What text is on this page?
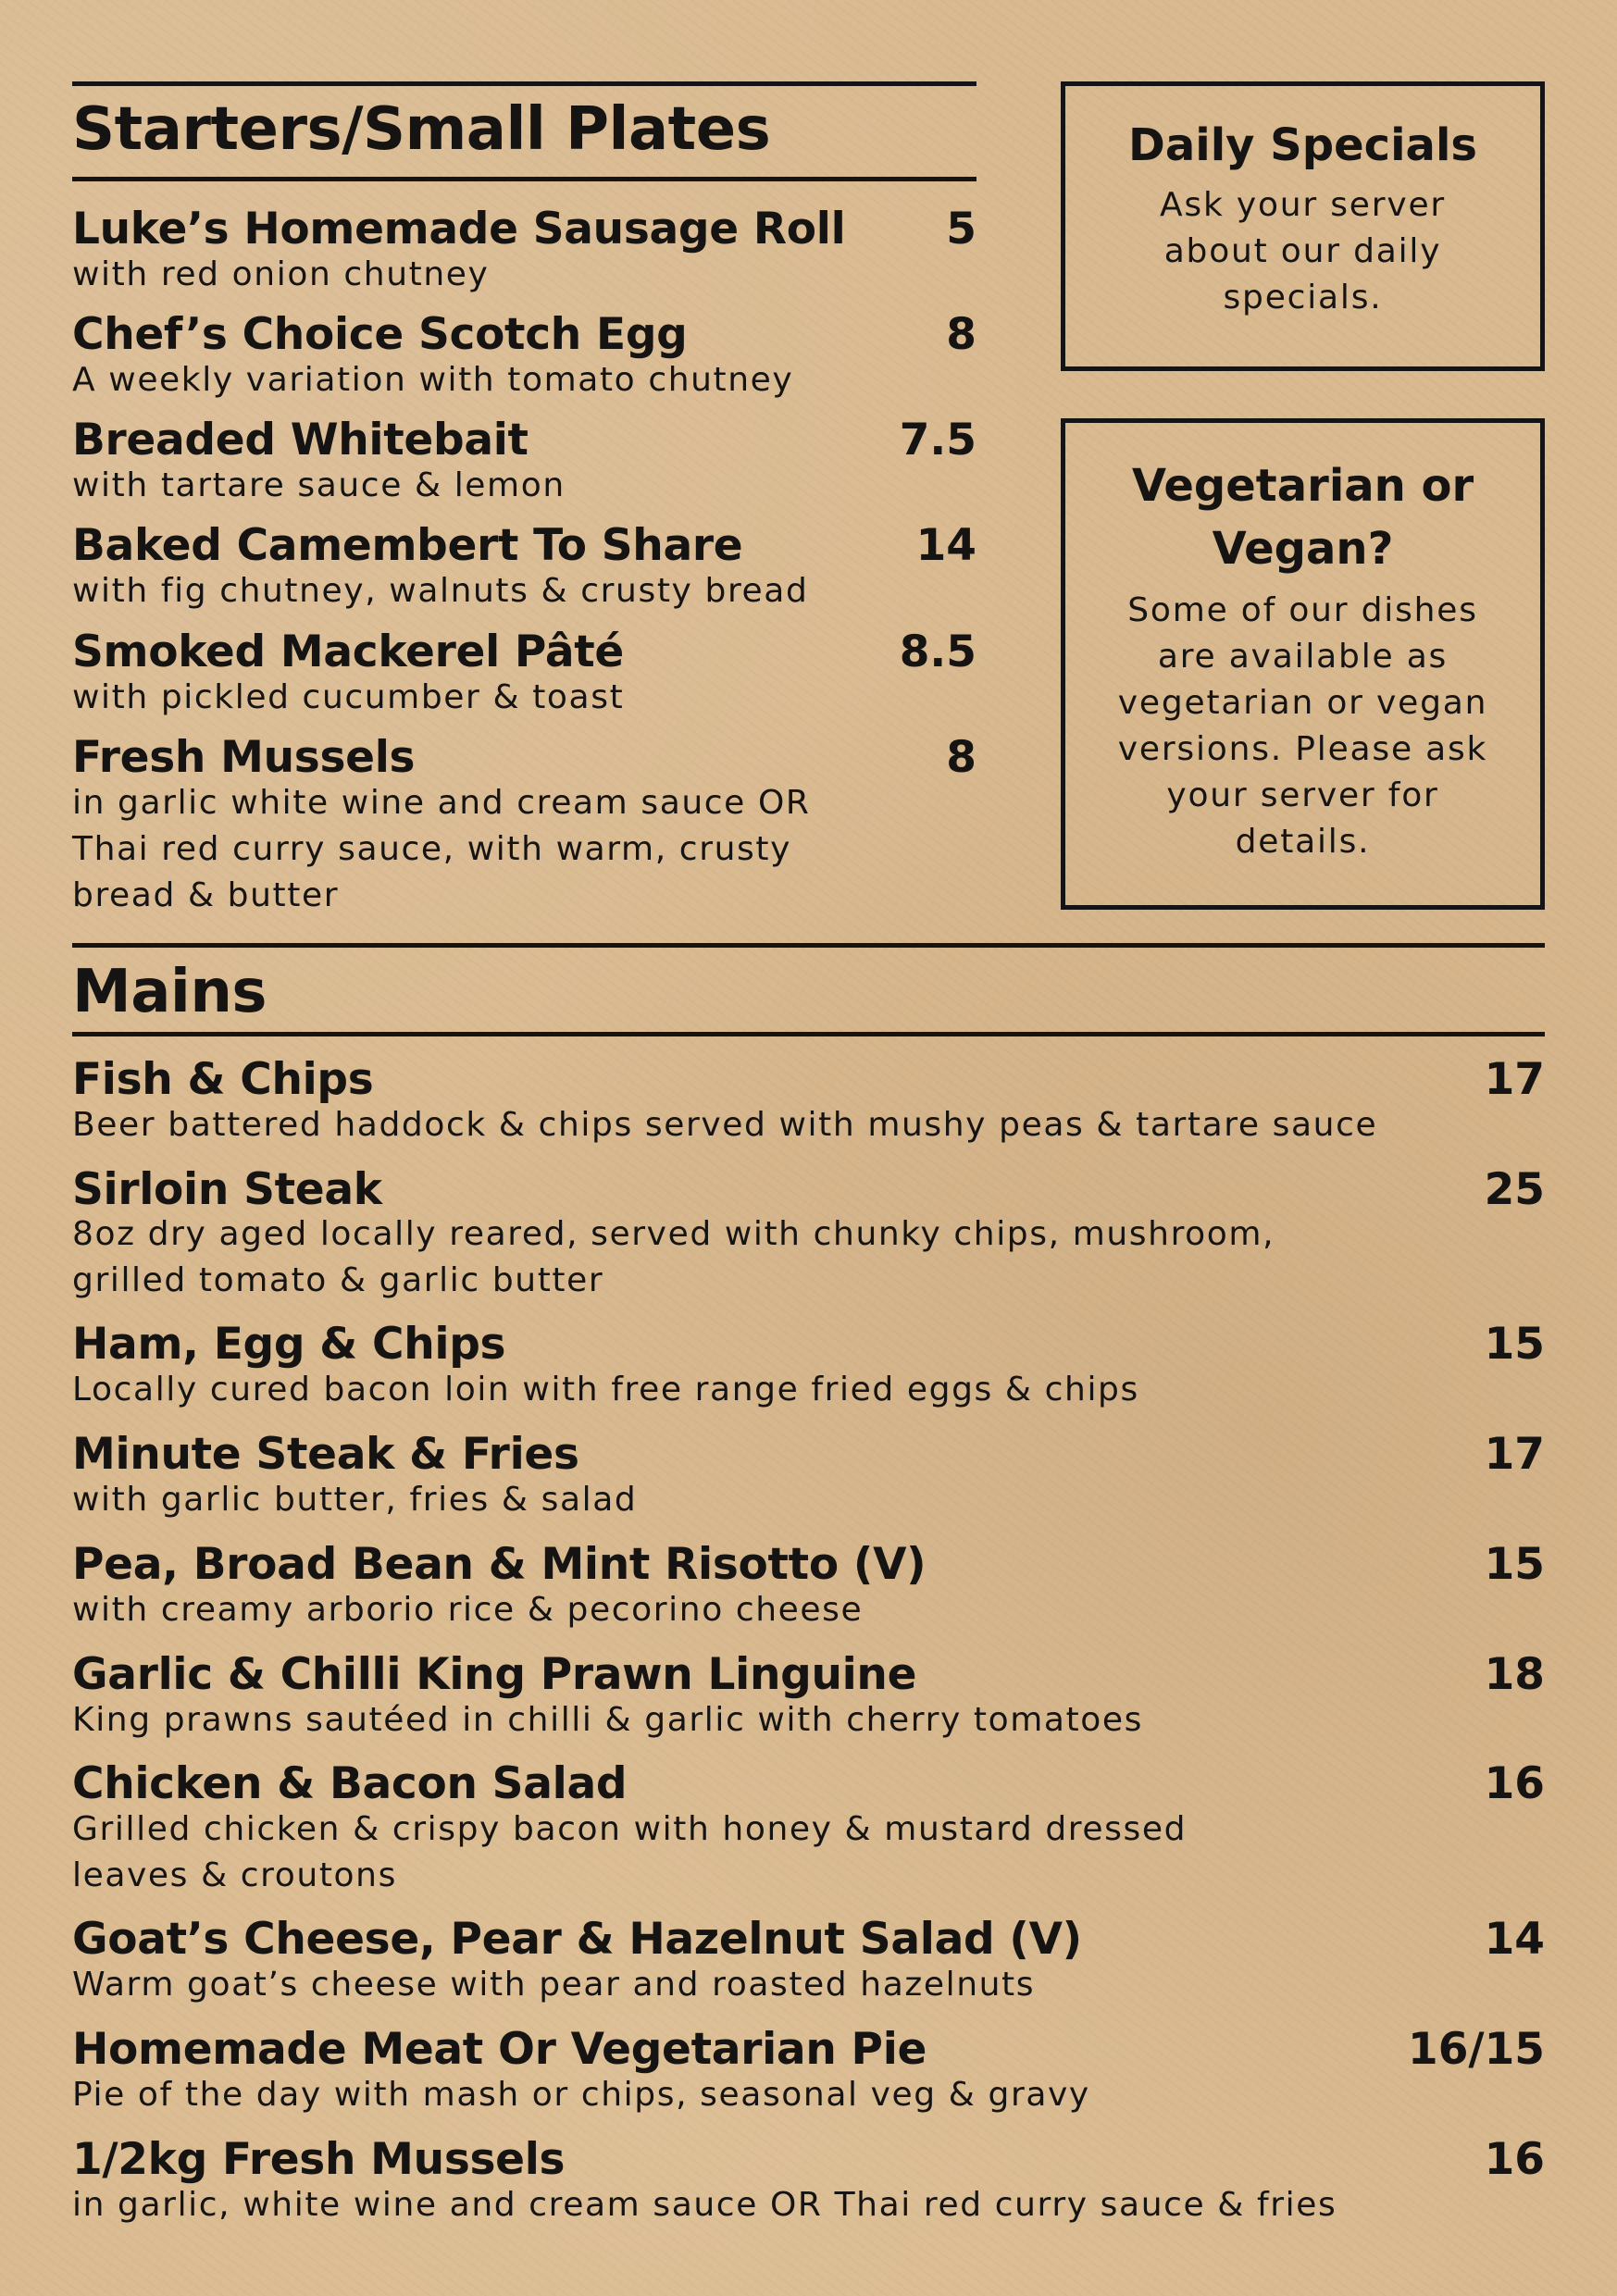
Starters/Small Plates
Luke’s Homemade Sausage Roll 5
with red onion chutney
Chef’s Choice Scotch Egg	8
A weekly variation with tomato chutney
Breaded Whitebait	7.5
with tartare sauce & lemon
Baked Camembert To Share	14
with fig chutney, walnuts & crusty bread
Smoked Mackerel Pâté	8.5
with pickled cucumber & toast
Fresh Mussels	8
in garlic white wine and cream sauce OR Thai red curry sauce, with warm, crusty bread & butter
Daily Specials
Ask your server about our daily specials.
Vegetarian or Vegan?
Some of our dishes are available as vegetarian or vegan versions. Please ask your server for details.
Mains
Fish & Chips	17
Beer battered haddock & chips served with mushy peas & tartare sauce
Sirloin Steak	25
8oz dry aged locally reared, served with chunky chips, mushroom, grilled tomato & garlic butter
Ham, Egg & Chips	15
Locally cured bacon loin with free range fried eggs & chips
Minute Steak & Fries	17
with garlic butter, fries & salad
Pea, Broad Bean & Mint Risotto (V)	15
with creamy arborio rice & pecorino cheese
Garlic & Chilli King Prawn Linguine	18
King prawns sautéed in chilli & garlic with cherry tomatoes
Chicken & Bacon Salad	16
Grilled chicken & crispy bacon with honey & mustard dressed leaves & croutons
Goat’s Cheese, Pear & Hazelnut Salad (V)	14
Warm goat’s cheese with pear and roasted hazelnuts
Homemade Meat Or Vegetarian Pie	16/15
Pie of the day with mash or chips, seasonal veg & gravy
1/2kg Fresh Mussels	16
in garlic, white wine and cream sauce OR Thai red curry sauce & fries
